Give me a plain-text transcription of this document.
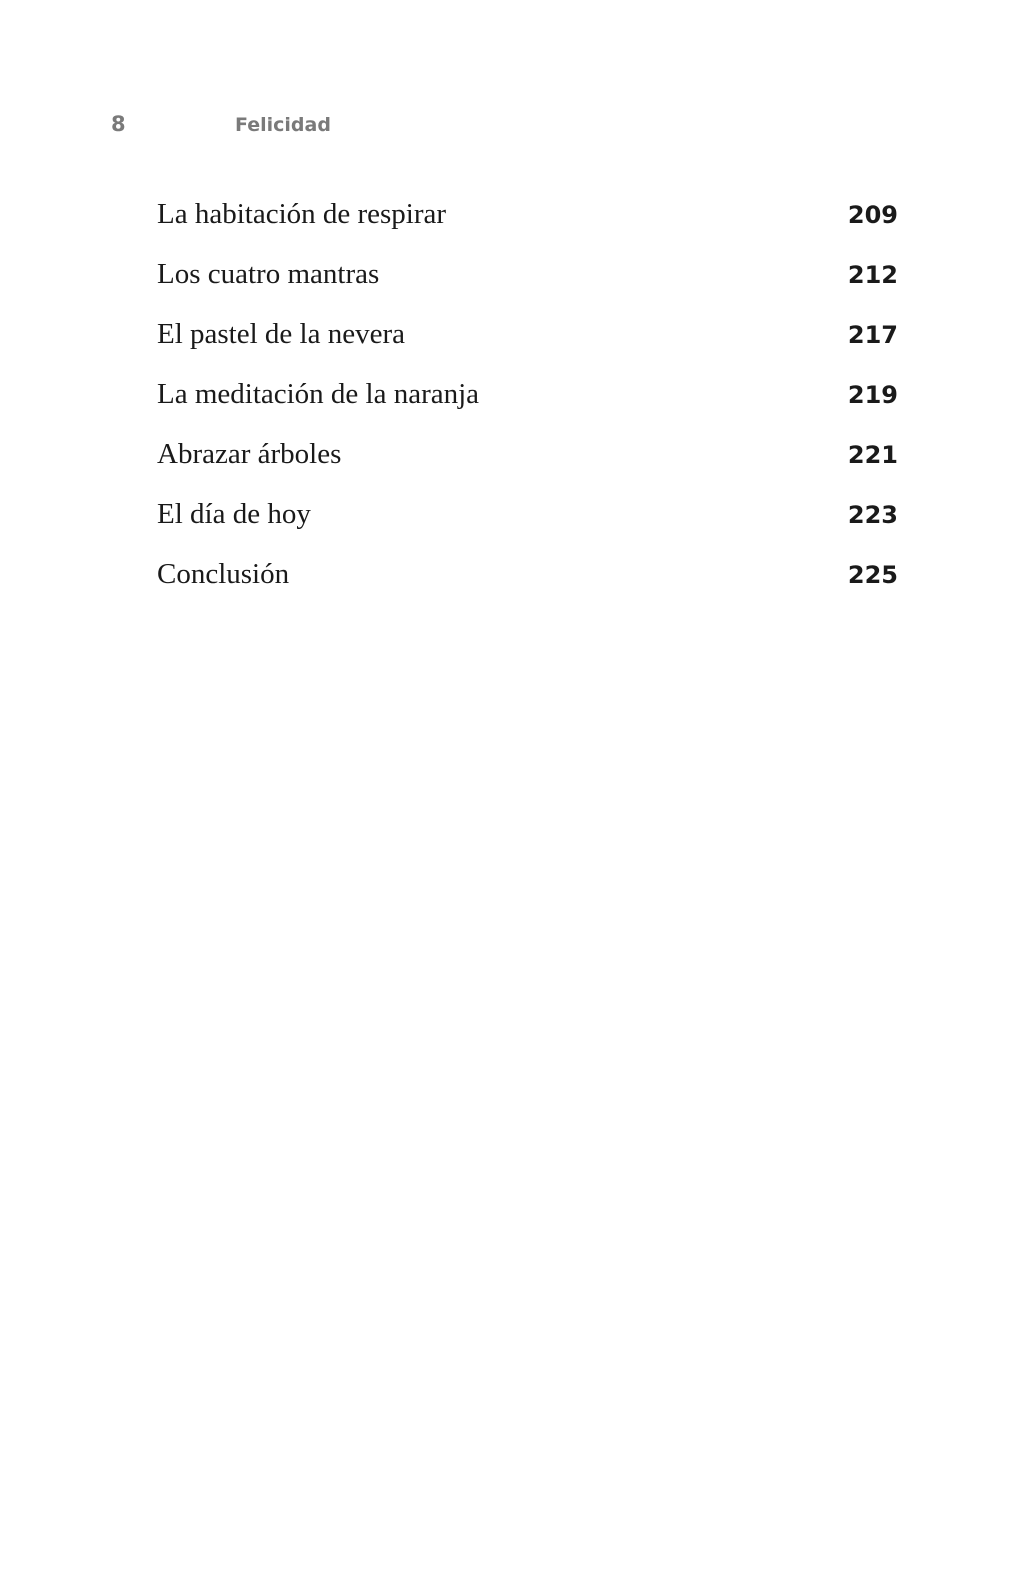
8	Felicidad
La habitación de respirar	209
Los cuatro mantras	212
El pastel de la nevera	217
La meditación de la naranja	219
Abrazar árboles	221
El día de hoy	223
Conclusión	225
